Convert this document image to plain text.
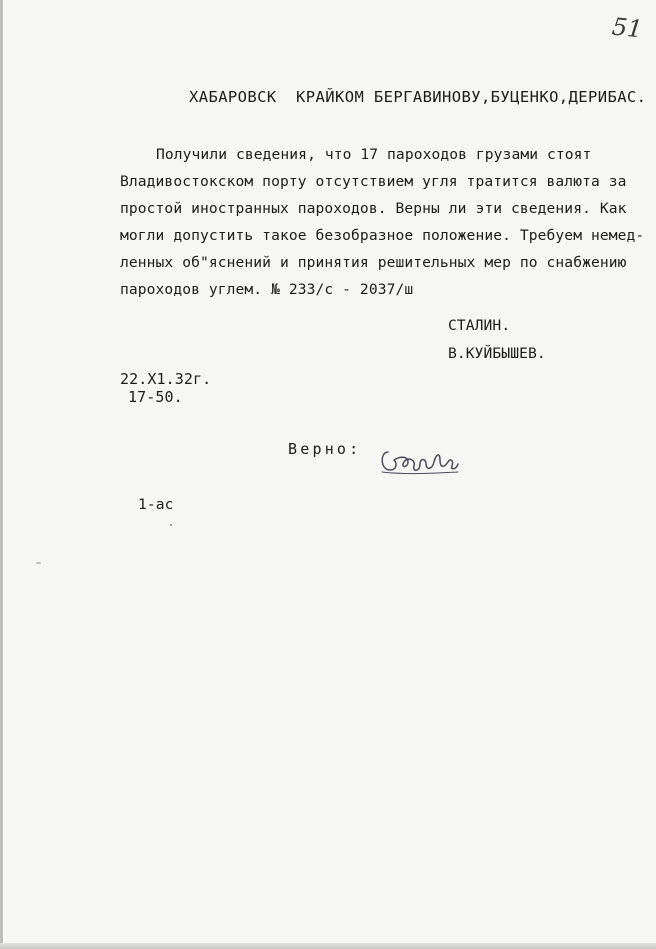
51
ХАБАРОВСК  КРАЙКОМ БЕРГАВИНОВУ,БУЦЕНКО,ДЕРИБАС.
Получили сведения, что 17 пароходов грузами стоят
Владивостокском порту отсутствием угля тратится валюта за
простой иностранных пароходов. Верны ли эти сведения. Как
могли допустить такое безобразное положение. Требуем немед-
ленных об"яснений и принятия решительных мер по снабжению
пароходов углем. № 233/с - 2037/ш
СТАЛИН.
В.КУЙБЫШЕВ.
22.X1.32г.
17-50.
Верно:
1-ас
